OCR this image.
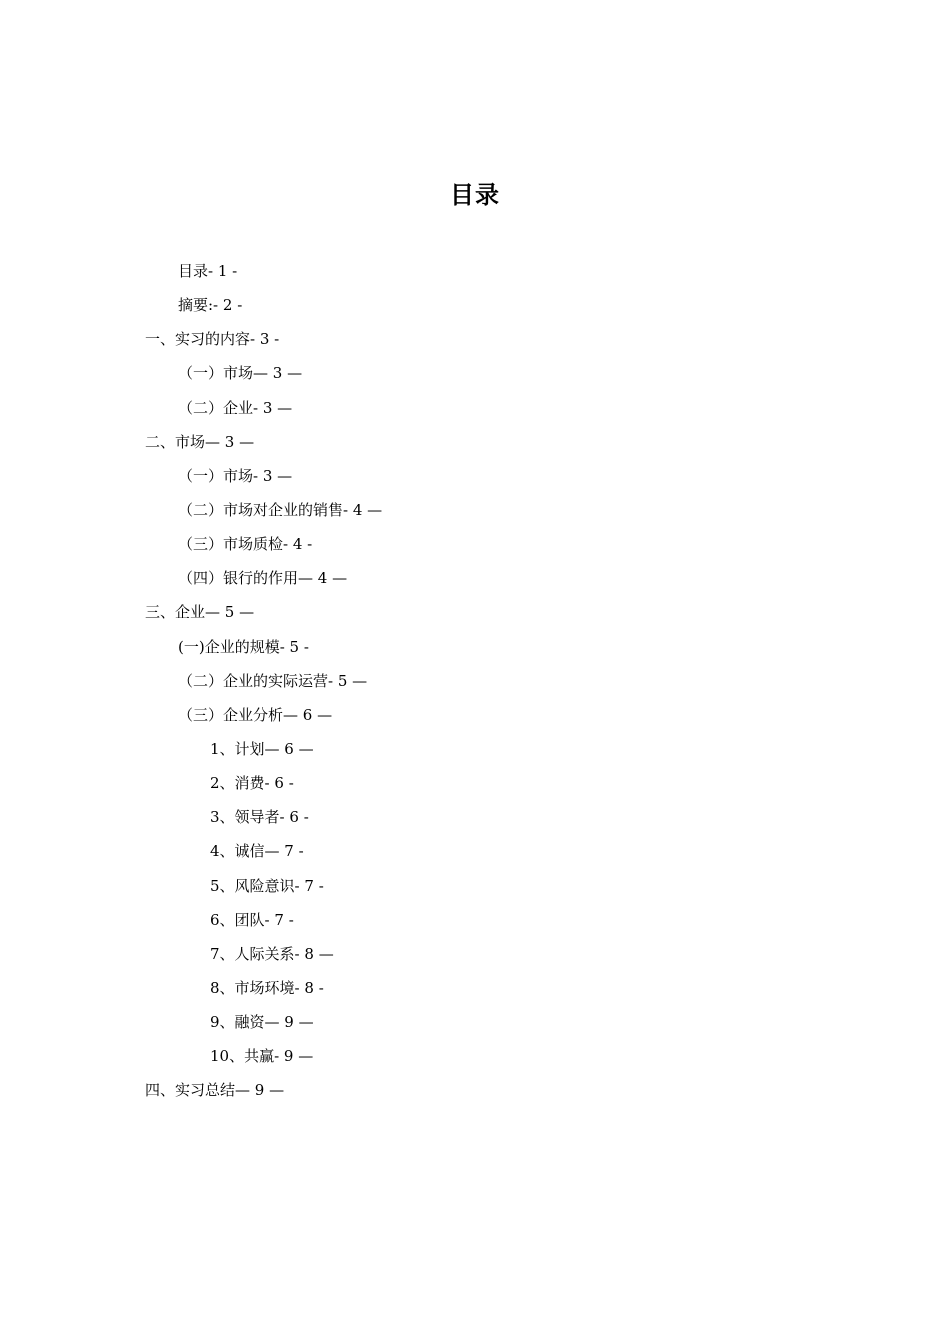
目录
目录- 1 -
摘要:- 2 -
一、实习的内容- 3 -
（一）市场— 3 —
（二）企业- 3 —
二、市场— 3 —
（一）市场- 3 —
（二）市场对企业的销售- 4 —
（三）市场质检- 4 -
（四）银行的作用— 4 —
三、企业— 5 —
(一)企业的规模- 5 -
（二）企业的实际运营- 5 —
（三）企业分析— 6 —
1、计划— 6 —
2、消费- 6 -
3、领导者- 6 -
4、诚信— 7 -
5、风险意识- 7 -
6、团队- 7 -
7、人际关系- 8 —
8、市场环境- 8 -
9、融资— 9 —
10、共赢- 9 —
四、实习总结— 9 —
